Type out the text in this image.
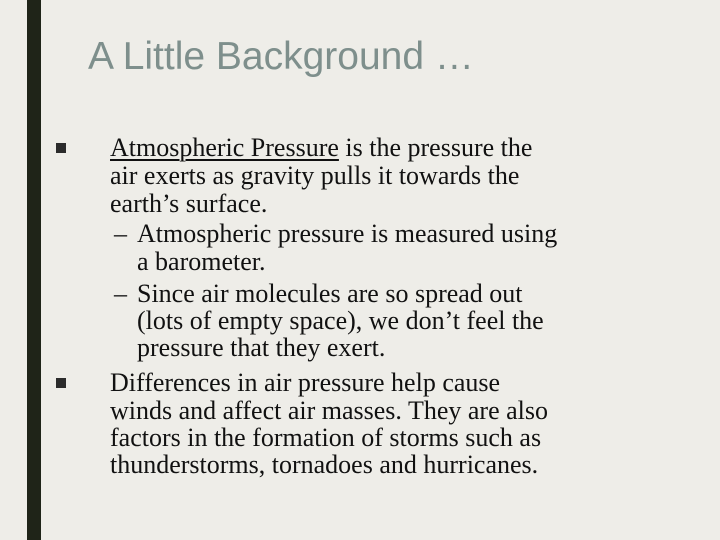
A Little Background …
Atmospheric Pressure is the pressure the
air exerts as gravity pulls it towards the
earth’s surface.
– Atmospheric pressure is measured using
a barometer.
– Since air molecules are so spread out
(lots of empty space), we don’t feel the
pressure that they exert.
Differences in air pressure help cause
winds and affect air masses. They are also
factors in the formation of storms such as
thunderstorms, tornadoes and hurricanes.
